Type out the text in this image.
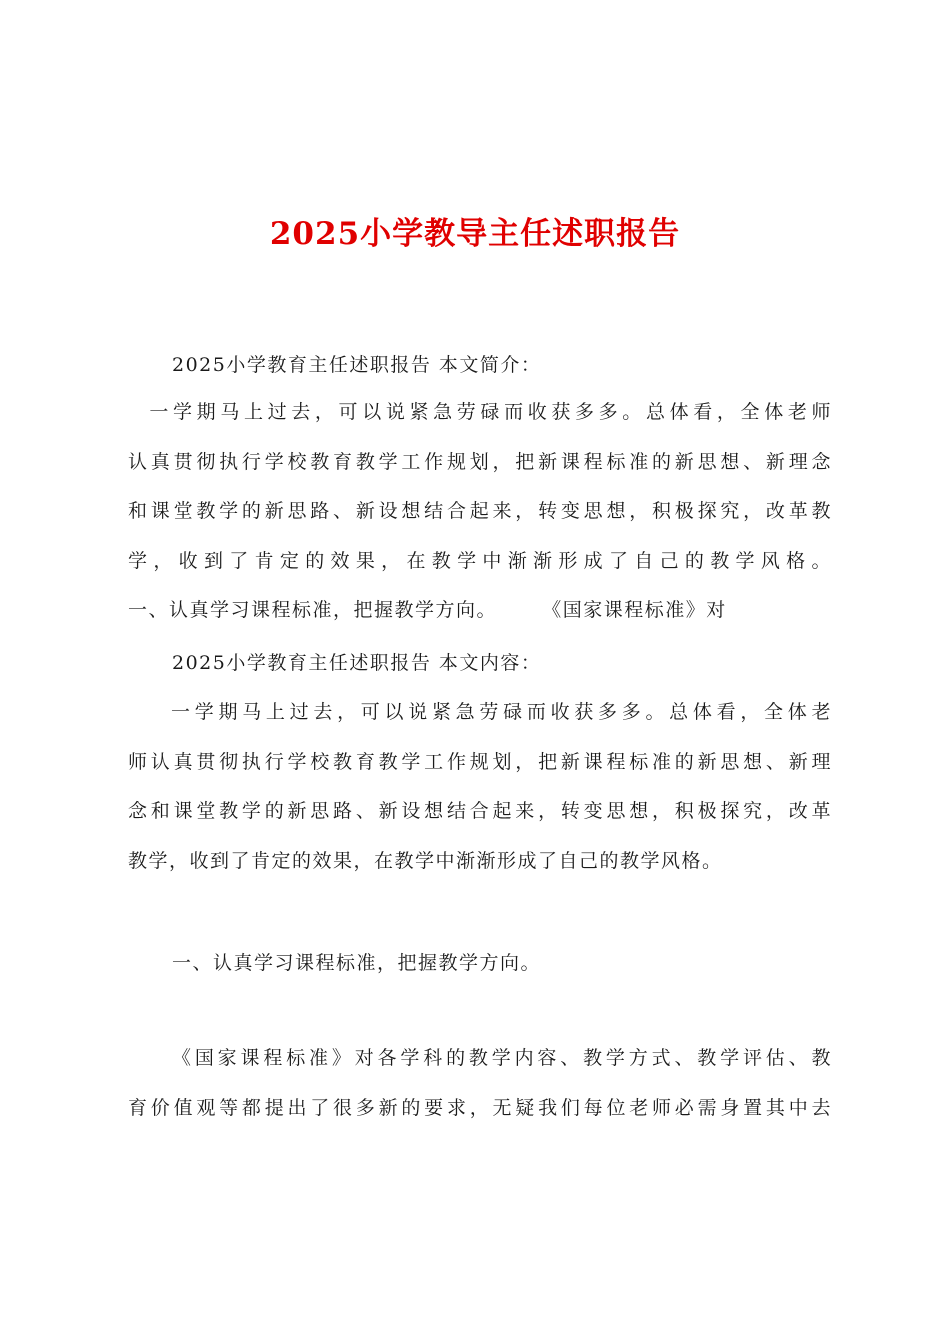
2025小学教导主任述职报告
2025小学教育主任述职报告 本文简介：
一学期马上过去，可以说紧急劳碌而收获多多。总体看，全体老师
认真贯彻执行学校教育教学工作规划，把新课程标准的新思想、新理念
和课堂教学的新思路、新设想结合起来，转变思想，积极探究，改革教
学，收到了肯定的效果，在教学中渐渐形成了自己的教学风格。
一、认真学习课程标准，把握教学方向。      《国家课程标准》对
2025小学教育主任述职报告 本文内容：
一学期马上过去，可以说紧急劳碌而收获多多。总体看，全体老
师认真贯彻执行学校教育教学工作规划，把新课程标准的新思想、新理
念和课堂教学的新思路、新设想结合起来，转变思想，积极探究，改革
教学，收到了肯定的效果，在教学中渐渐形成了自己的教学风格。
一、认真学习课程标准，把握教学方向。
《国家课程标准》对各学科的教学内容、教学方式、教学评估、教
育价值观等都提出了很多新的要求，无疑我们每位老师必需身置其中去
